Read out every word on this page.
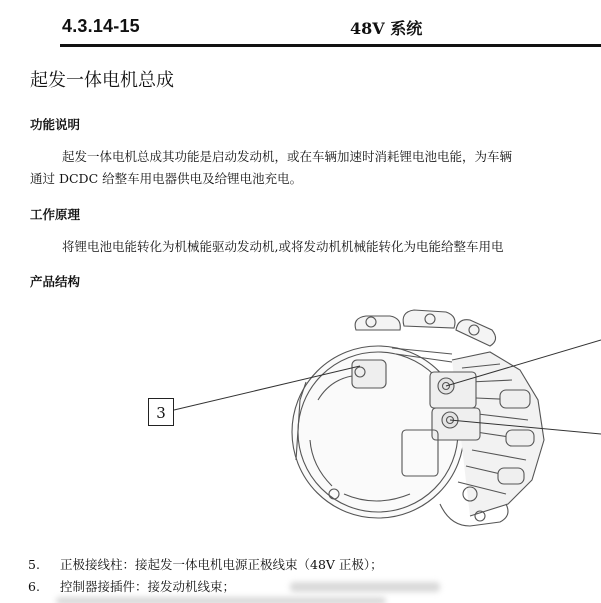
4.3.14-15	48V 系统
起发一体电机总成
功能说明
起发一体电机总成其功能是启动发动机，或在车辆加速时消耗锂电池电能，为车辆
通过 DCDC 给整车用电器供电及给锂电池充电。
工作原理
将锂电池电能转化为机械能驱动发动机,或将发动机机械能转化为电能给整车用电
产品结构
3
5. 正极接线柱：接起发一体电机电源正极线束（48V 正极）；
6. 控制器接插件：接发动机线束；
